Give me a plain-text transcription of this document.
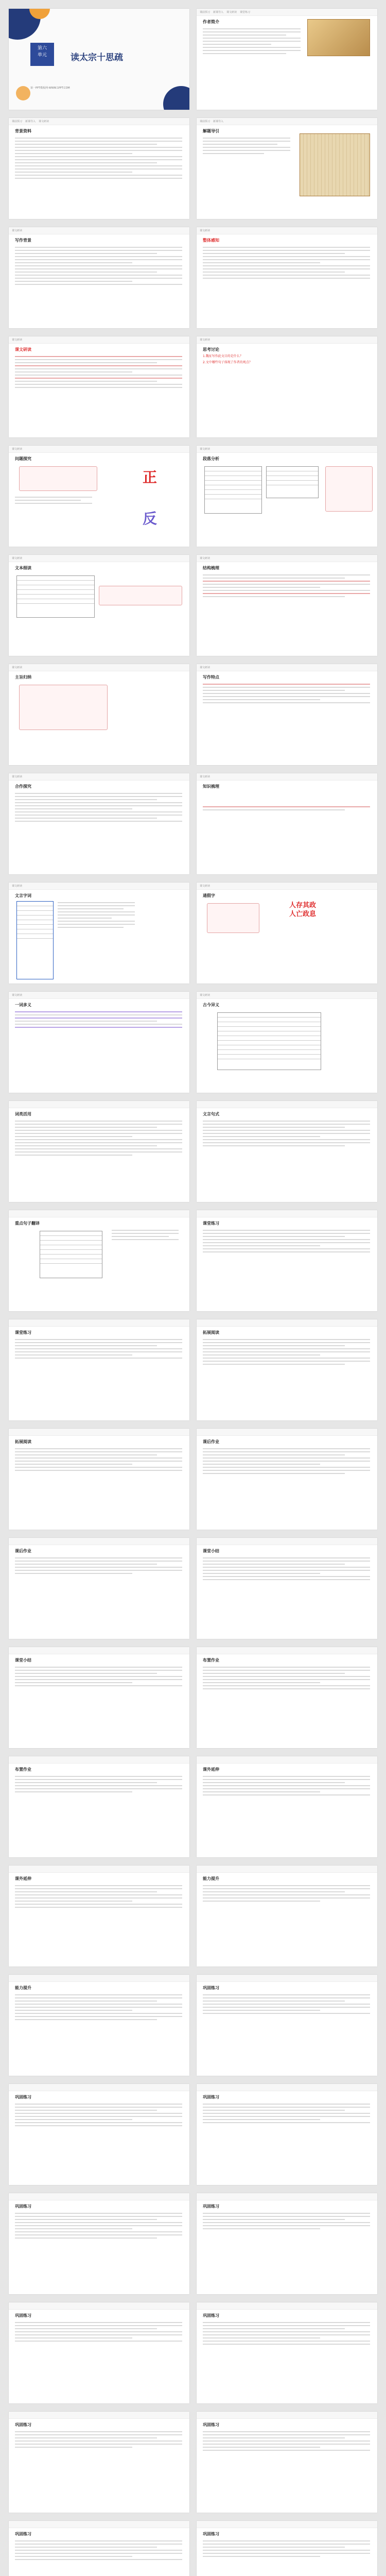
第六
单元	读太宗十思疏
第一PPT模板网-WWW.1PPT.COM
课前预习 新课导入 课文研读 课堂练习
作者简介
课前预习 新课导入 课文研读
背景资料
课前预习 新课导入
解题导引
课文研读
写作背景
课文研读
整体感知
课文研读
课文研读
课文研读
思考讨论

1.魏征写作此文目的是什么？

2.文中哪些句子体现了作者的观点？

课文研读
问题探究
正
反
课文研读
段落分析
课文研读
文本细读
课文研读
结构梳理
课文研读
主旨归纳
课文研读
写作特点
课文研读
合作探究
课文研读
知识梳理
课文研读
文言字词
课文研读
通假字
人存其政
人亡政息
课文研读
一词多义
课文研读
古今异义
词类活用	文言句式
重点句子翻译	课堂练习
课堂练习	拓展阅读
拓展阅读	课后作业
课后作业	课堂小结
课堂小结	布置作业
布置作业	课外延伸
课外延伸	能力提升
能力提升	巩固练习
巩固练习	巩固练习
巩固练习	巩固练习
巩固练习	巩固练习
巩固练习	巩固练习
巩固练习	巩固练习
